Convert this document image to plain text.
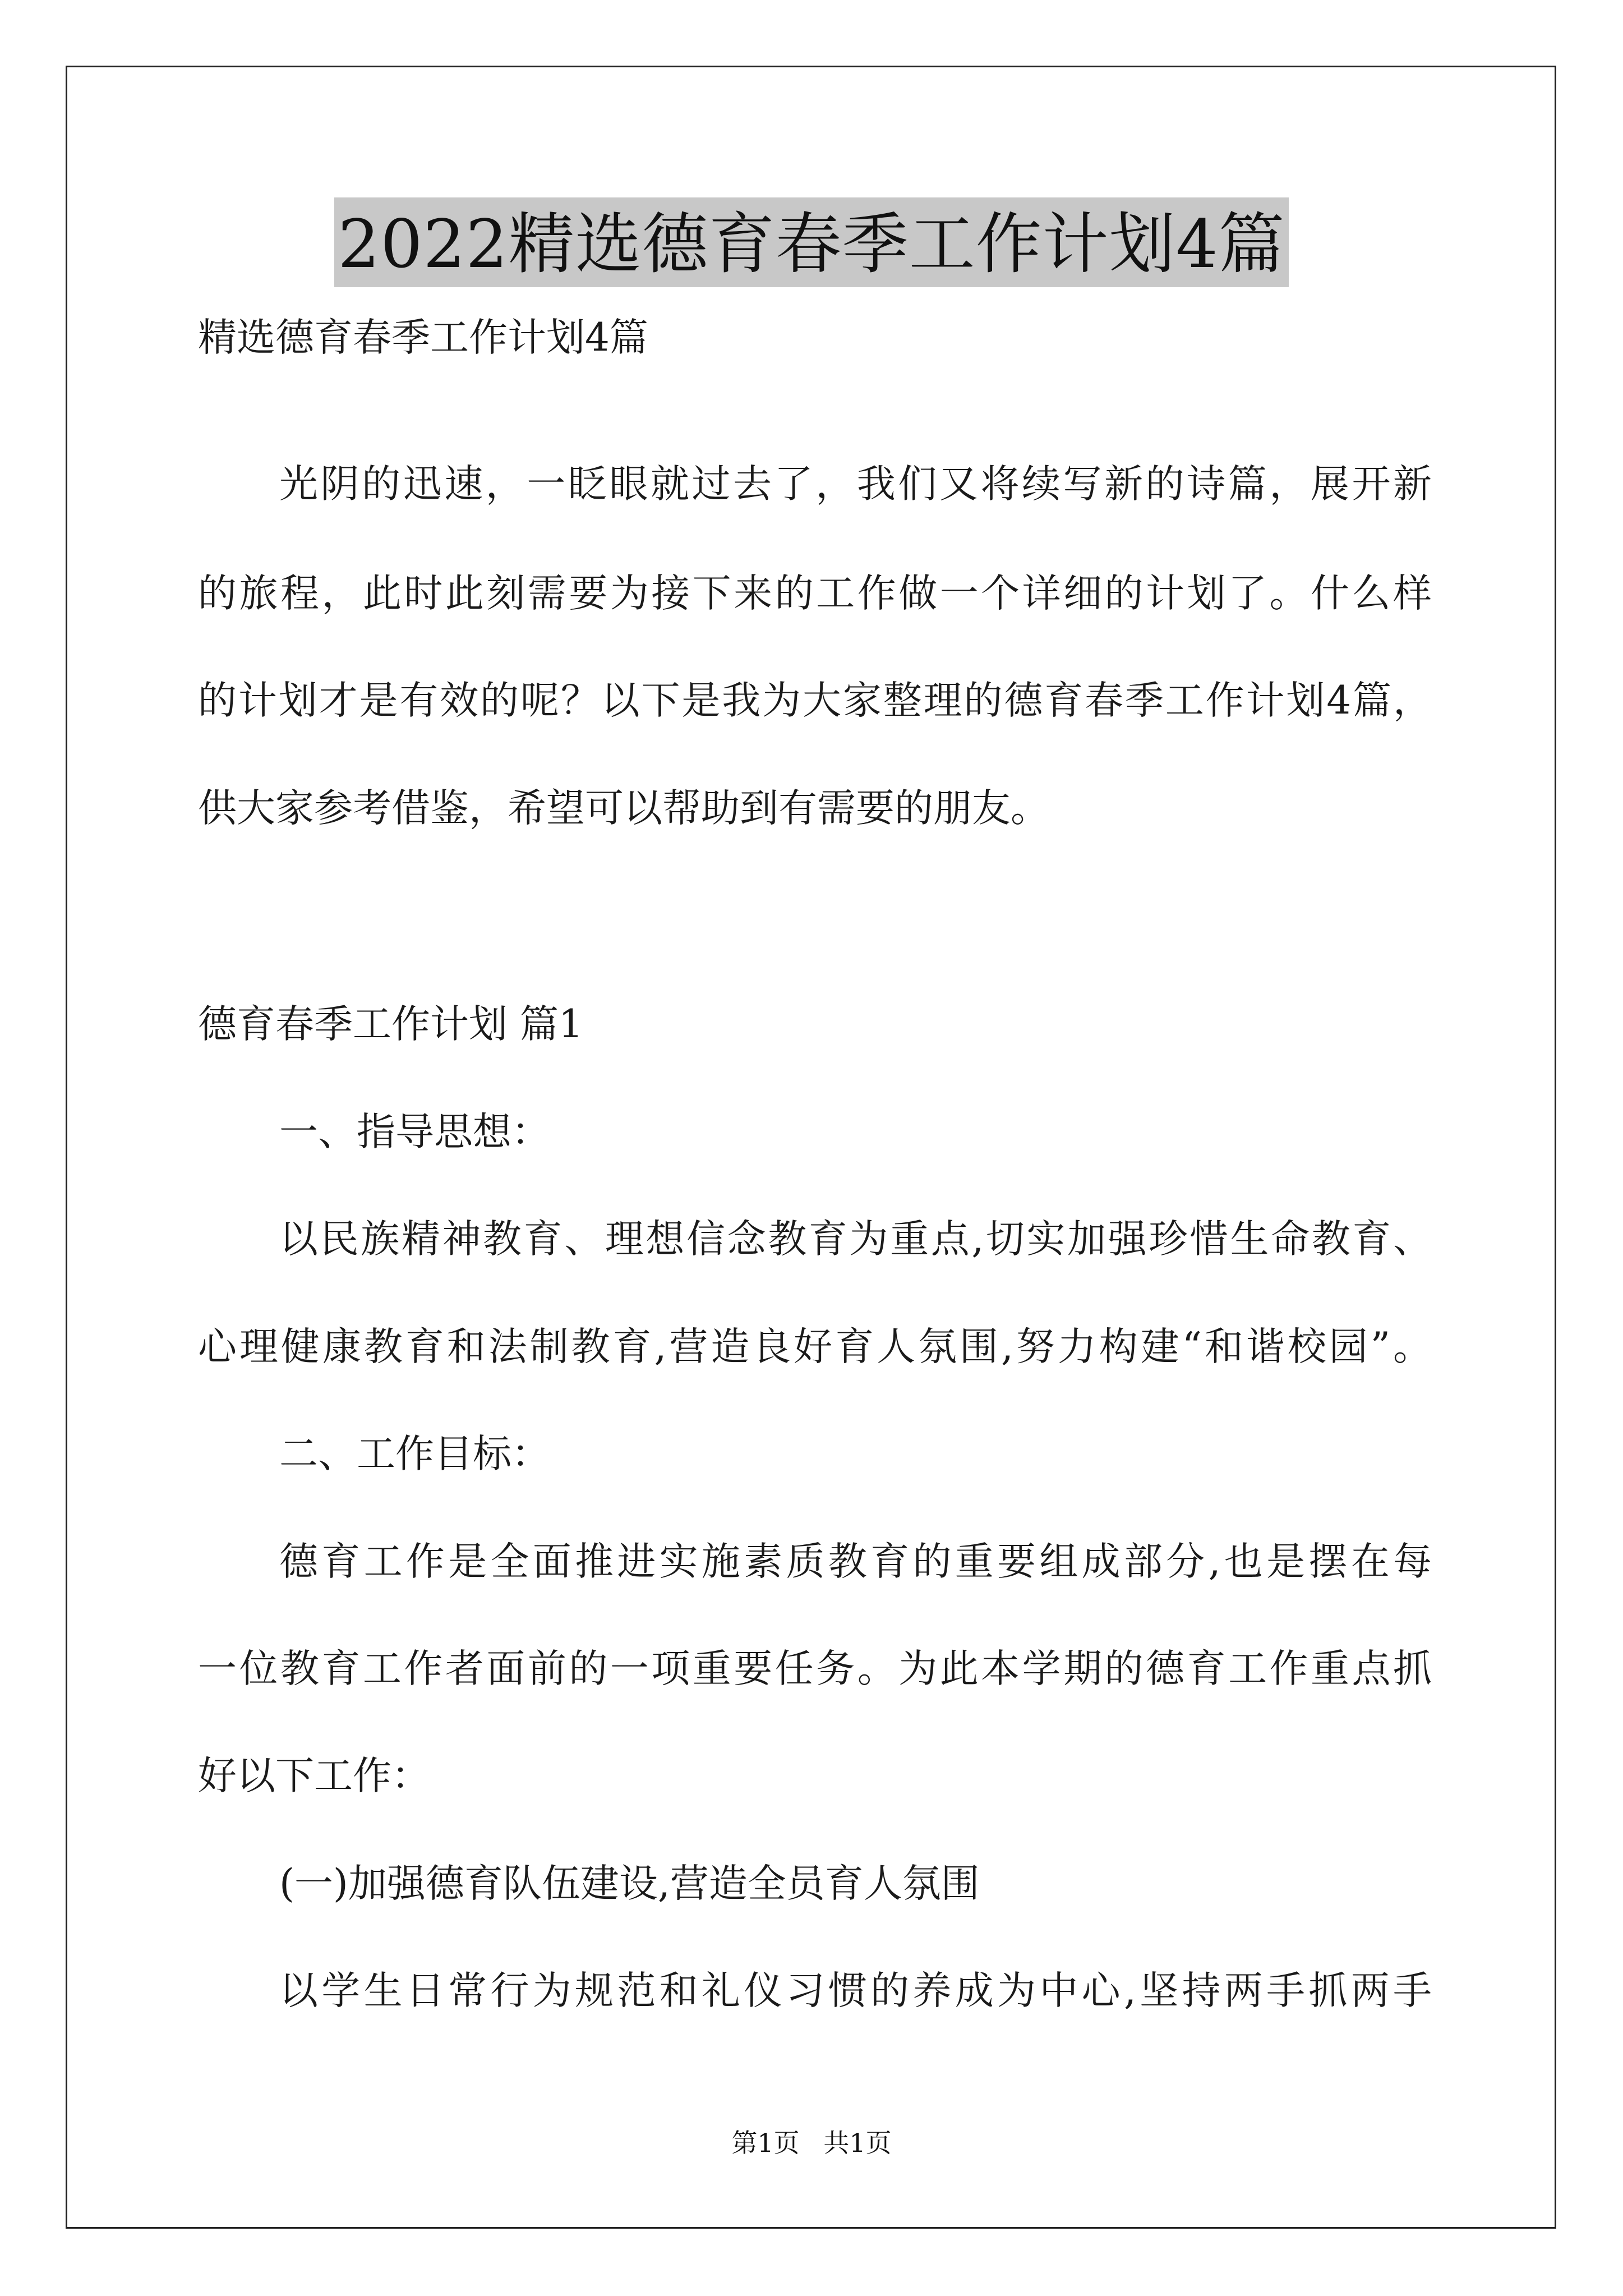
2022精选德育春季工作计划4篇

精选德育春季工作计划4篇

光阴的迅速，一眨眼就过去了，我们又将续写新的诗篇，展开新

的旅程，此时此刻需要为接下来的工作做一个详细的计划了。什么样

的计划才是有效的呢？以下是我为大家整理的德育春季工作计划4篇，

供大家参考借鉴，希望可以帮助到有需要的朋友。

德育春季工作计划 篇1

一、指导思想：

以民族精神教育、理想信念教育为重点,切实加强珍惜生命教育、

心理健康教育和法制教育,营造良好育人氛围,努力构建“和谐校园”。

二、工作目标：

德育工作是全面推进实施素质教育的重要组成部分,也是摆在每

一位教育工作者面前的一项重要任务。为此本学期的德育工作重点抓

好以下工作：

(一)加强德育队伍建设,营造全员育人氛围

以学生日常行为规范和礼仪习惯的养成为中心,坚持两手抓两手

第1页 共1页
